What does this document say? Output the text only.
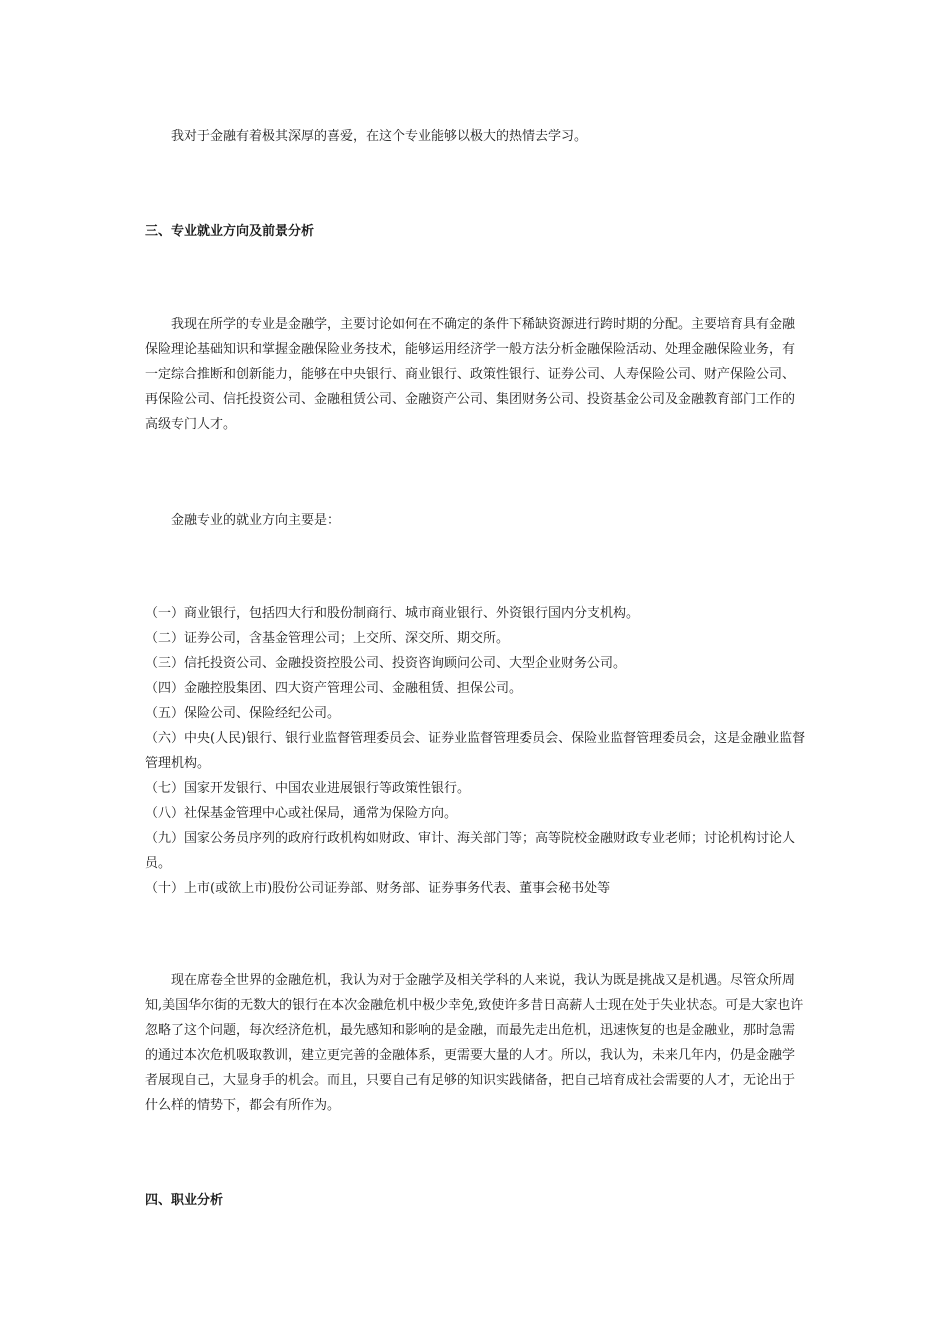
我对于金融有着极其深厚的喜爱，在这个专业能够以极大的热情去学习。

三、专业就业方向及前景分析

我现在所学的专业是金融学，主要讨论如何在不确定的条件下稀缺资源进行跨时期的分配。主要培育具有金融保险理论基础知识和掌握金融保险业务技术，能够运用经济学一般方法分析金融保险活动、处理金融保险业务，有一定综合推断和创新能力，能够在中央银行、商业银行、政策性银行、证券公司、人寿保险公司、财产保险公司、再保险公司、信托投资公司、金融租赁公司、金融资产公司、集团财务公司、投资基金公司及金融教育部门工作的高级专门人才。

金融专业的就业方向主要是：

（一）商业银行，包括四大行和股份制商行、城市商业银行、外资银行国内分支机构。
（二）证券公司，含基金管理公司；上交所、深交所、期交所。
（三）信托投资公司、金融投资控股公司、投资咨询顾问公司、大型企业财务公司。
（四）金融控股集团、四大资产管理公司、金融租赁、担保公司。
（五）保险公司、保险经纪公司。
（六）中央(人民)银行、银行业监督管理委员会、证券业监督管理委员会、保险业监督管理委员会，这是金融业监督管理机构。
（七）国家开发银行、中国农业进展银行等政策性银行。
（八）社保基金管理中心或社保局，通常为保险方向。
（九）国家公务员序列的政府行政机构如财政、审计、海关部门等；高等院校金融财政专业老师；讨论机构讨论人员。
（十）上市(或欲上市)股份公司证券部、财务部、证券事务代表、董事会秘书处等

现在席卷全世界的金融危机，我认为对于金融学及相关学科的人来说，我认为既是挑战又是机遇。尽管众所周知,美国华尔街的无数大的银行在本次金融危机中极少幸免,致使许多昔日高薪人士现在处于失业状态。可是大家也许忽略了这个问题，每次经济危机，最先感知和影响的是金融，而最先走出危机，迅速恢复的也是金融业，那时急需的通过本次危机吸取教训，建立更完善的金融体系，更需要大量的人才。所以，我认为，未来几年内，仍是金融学者展现自己，大显身手的机会。而且，只要自己有足够的知识实践储备，把自己培育成社会需要的人才，无论出于什么样的情势下，都会有所作为。

四、职业分析
